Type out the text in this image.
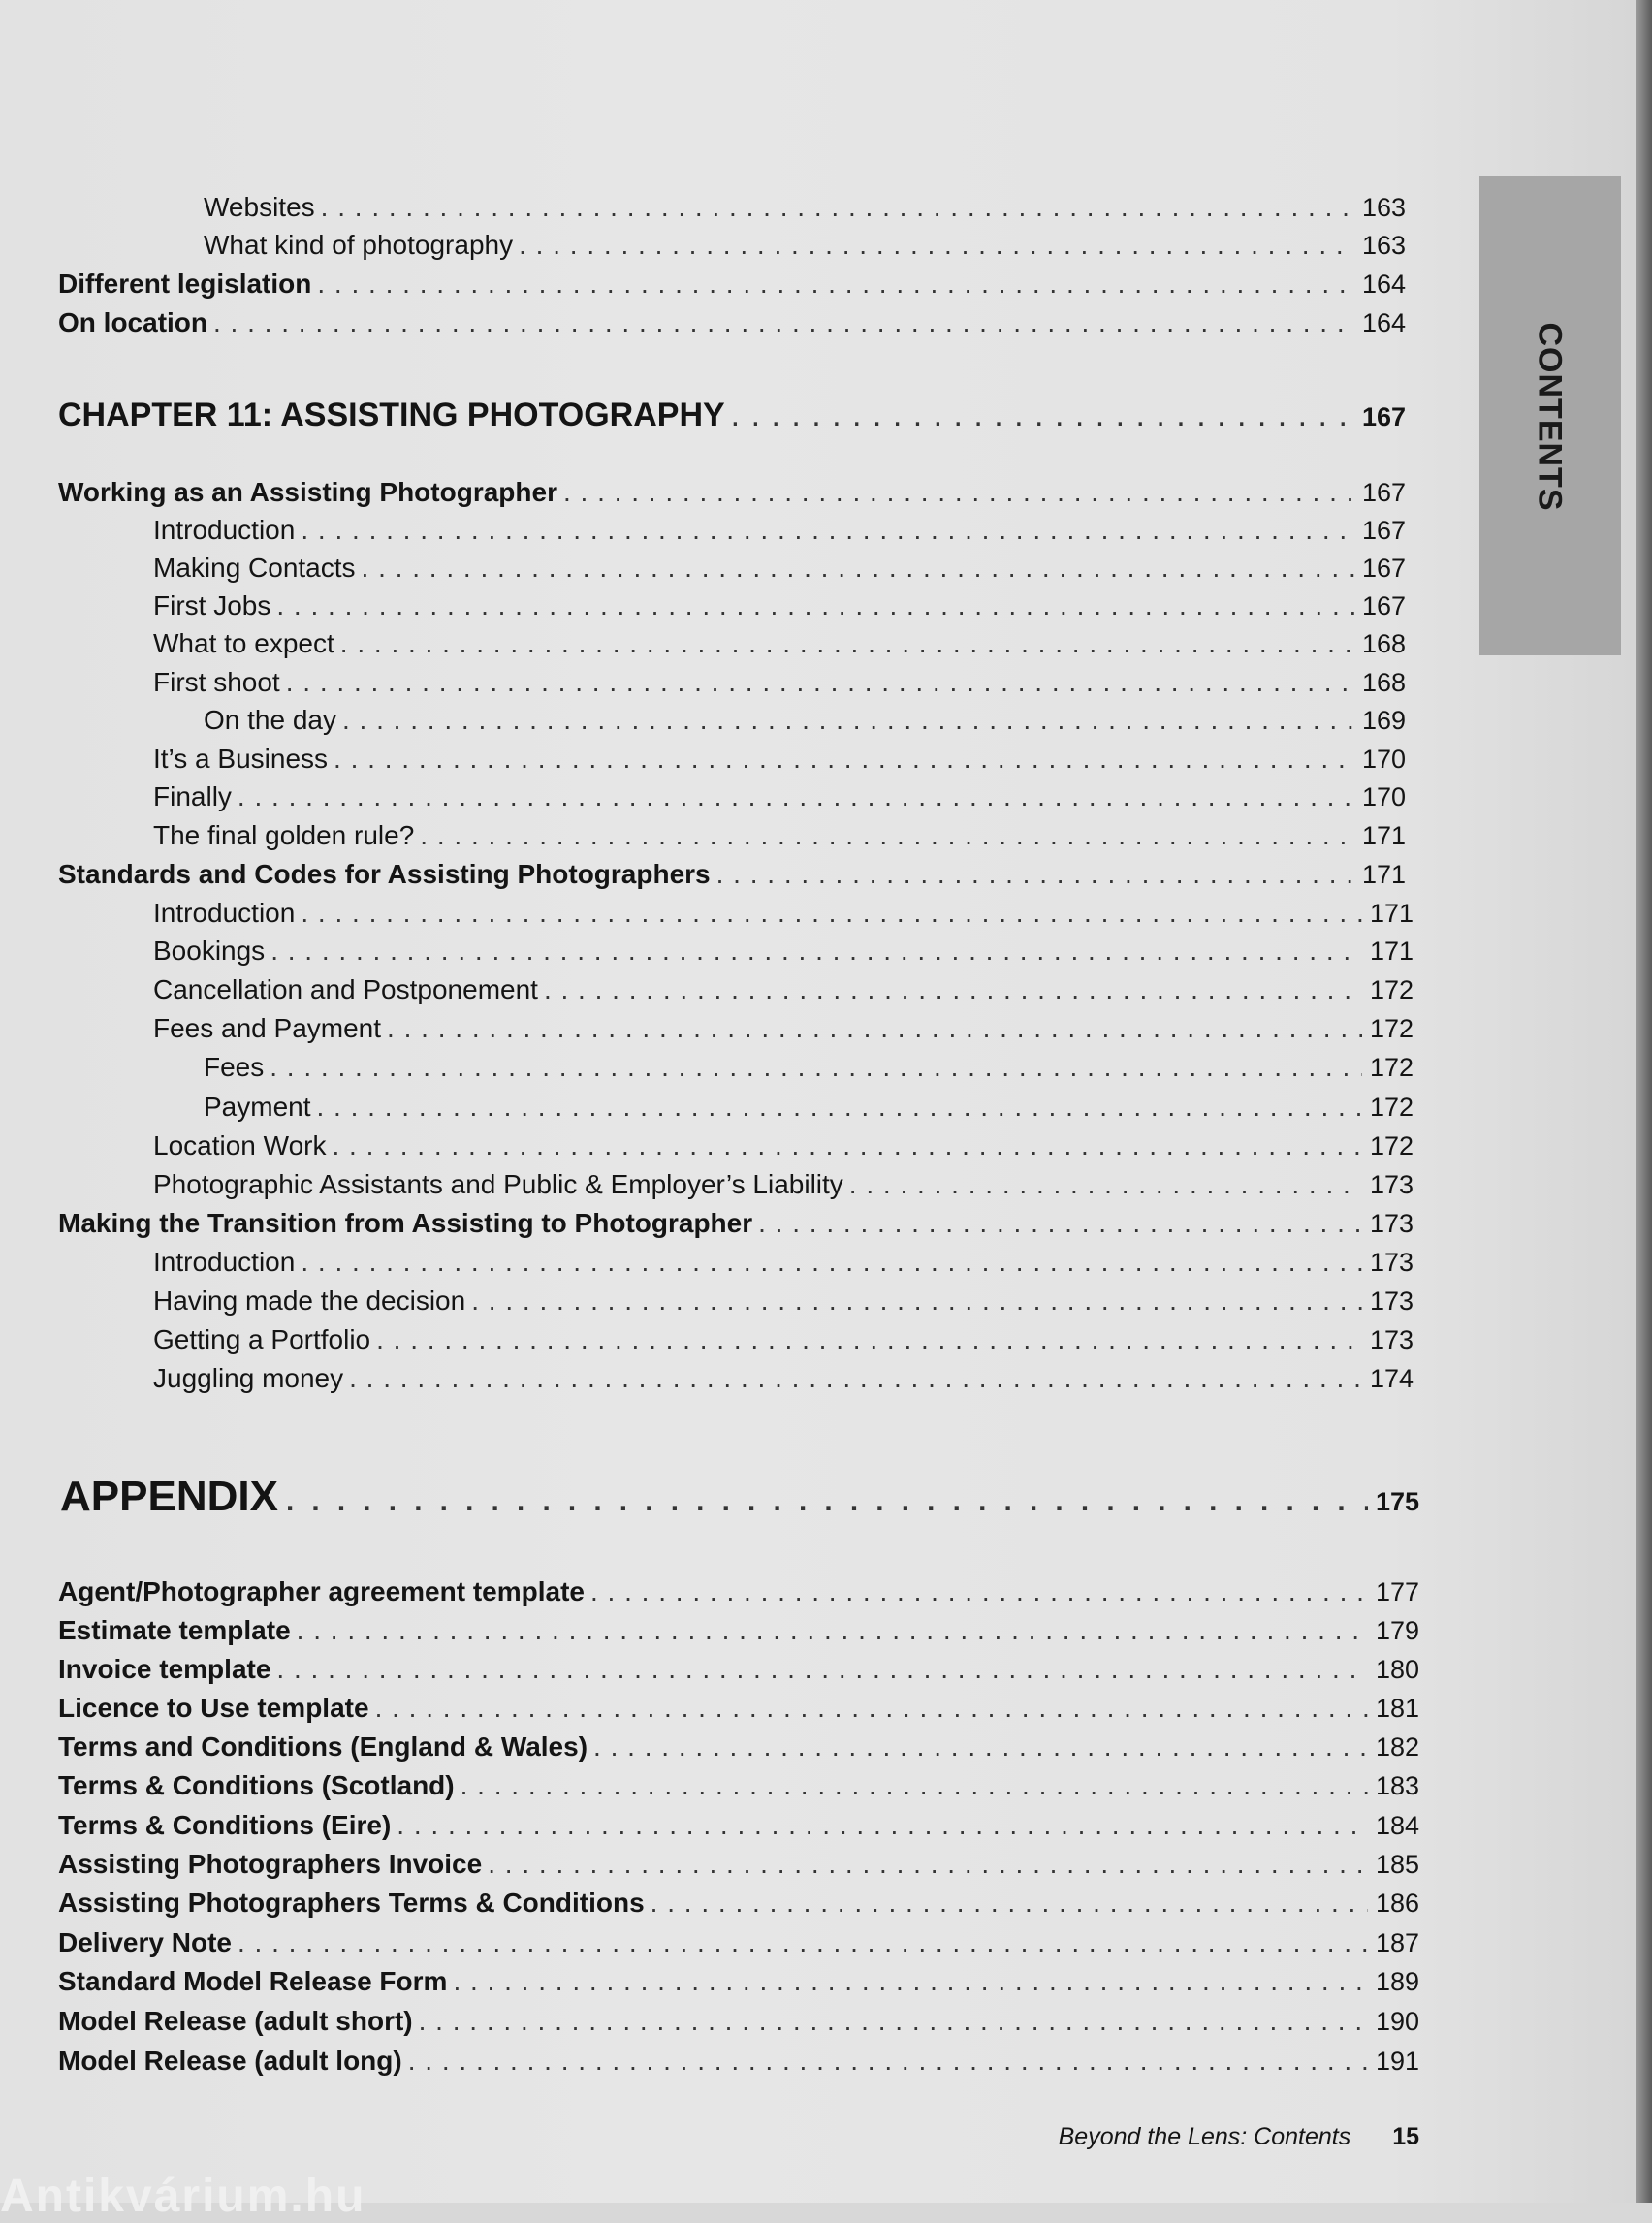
CONTENTS
Websites . . .	163
What kind of photography . . .	163
Different legislation . . .	164
On location . . .	164
CHAPTER 11: ASSISTING PHOTOGRAPHY . . .	167
Working as an Assisting Photographer . . .	167
Introduction . . .	167
Making Contacts . . .	167
First Jobs . . .	167
What to expect . . .	168
First shoot . . .	168
On the day . . .	169
It’s a Business . . .	170
Finally . . .	170
The final golden rule? . . .	171
Standards and Codes for Assisting Photographers . . .	171
Introduction . . .	171
Bookings . . .	171
Cancellation and Postponement . . .	172
Fees and Payment . . .	172
Fees . . .	172
Payment . . .	172
Location Work . . .	172
Photographic Assistants and Public & Employer’s Liability . . .	173
Making the Transition from Assisting to Photographer . . .	173
Introduction . . .	173
Having made the decision . . .	173
Getting a Portfolio . . .	173
Juggling money . . .	174
APPENDIX . . .	175
Agent/Photographer agreement template . . .	177
Estimate template . . .	179
Invoice template . . .	180
Licence to Use template . . .	181
Terms and Conditions (England & Wales) . . .	182
Terms & Conditions (Scotland) . . .	183
Terms & Conditions (Eire) . . .	184
Assisting Photographers Invoice . . .	185
Assisting Photographers Terms & Conditions . . .	186
Delivery Note . . .	187
Standard Model Release Form . . .	189
Model Release (adult short) . . .	190
Model Release (adult long) . . .	191
Beyond the Lens: Contents 15
Antikvárium.hu
